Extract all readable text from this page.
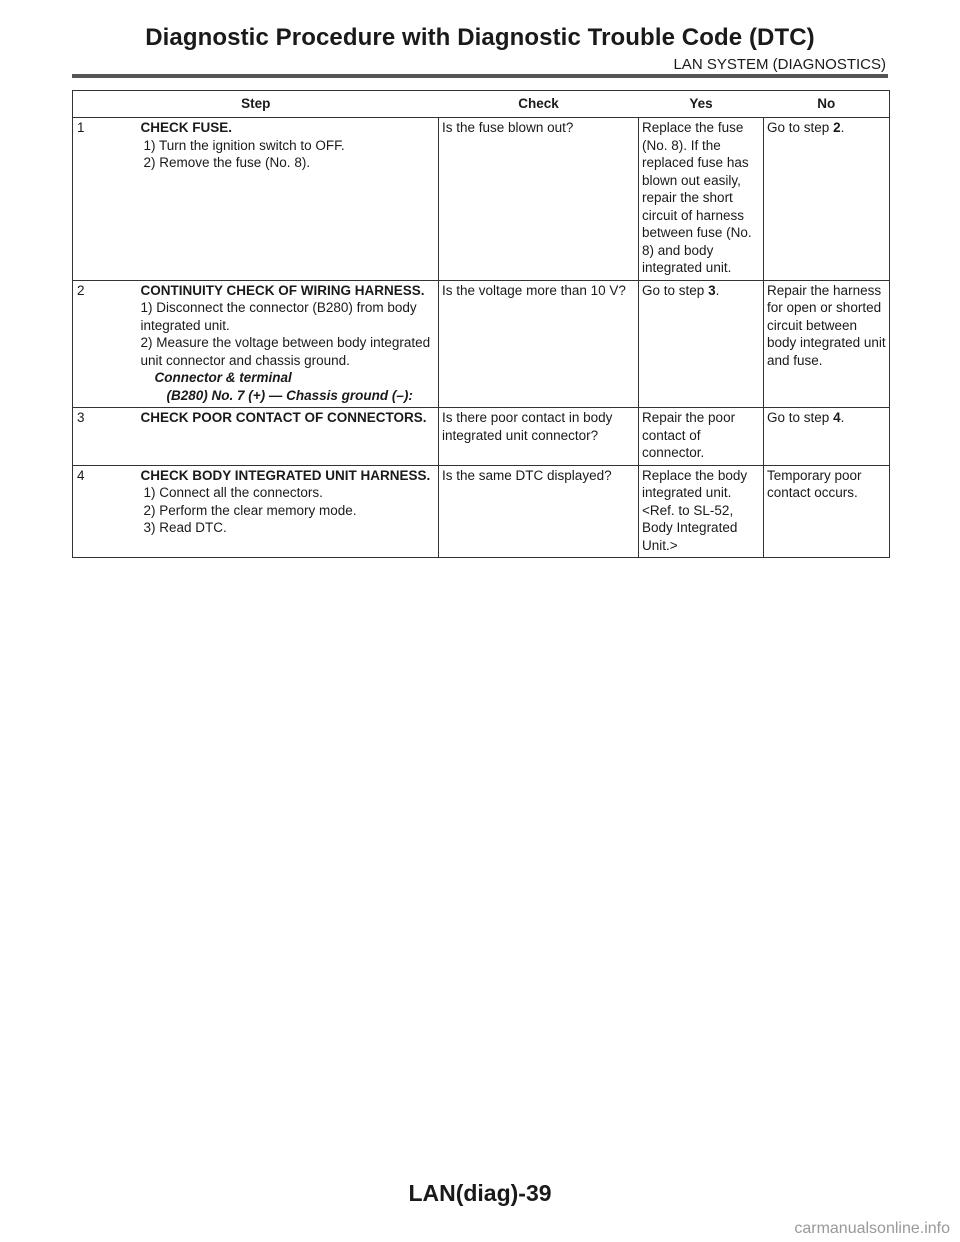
Diagnostic Procedure with Diagnostic Trouble Code (DTC)
LAN SYSTEM (DIAGNOSTICS)
Step		Check	Yes	No
1	CHECK FUSE.

1) Turn the ignition switch to OFF.
2) Remove the fuse (No. 8).	Is the fuse blown out?	Replace the fuse (No. 8). If the replaced fuse has blown out easily, repair the short circuit of harness between fuse (No. 8) and body integrated unit.	Go to step 2.
2	CONTINUITY CHECK OF WIRING HARNESS.
1) Disconnect the connector (B280) from body integrated unit.
2) Measure the voltage between body integrated unit connector and chassis ground.
Connector & terminal
(B280) No. 7 (+) — Chassis ground (–):	Is the voltage more than 10 V?	Go to step 3.	Repair the harness for open or shorted circuit between body integrated unit and fuse.
3	CHECK POOR CONTACT OF CONNECTORS.	Is there poor contact in body integrated unit connector?	Repair the poor contact of connector.	Go to step 4.
4	CHECK BODY INTEGRATED UNIT HARNESS.

1) Connect all the connectors.
2) Perform the clear memory mode.
3) Read DTC.	Is the same DTC displayed?	Replace the body integrated unit. <Ref. to SL-52, Body Integrated Unit.>	Temporary poor contact occurs.
LAN(diag)-39
carmanualsonline.info
